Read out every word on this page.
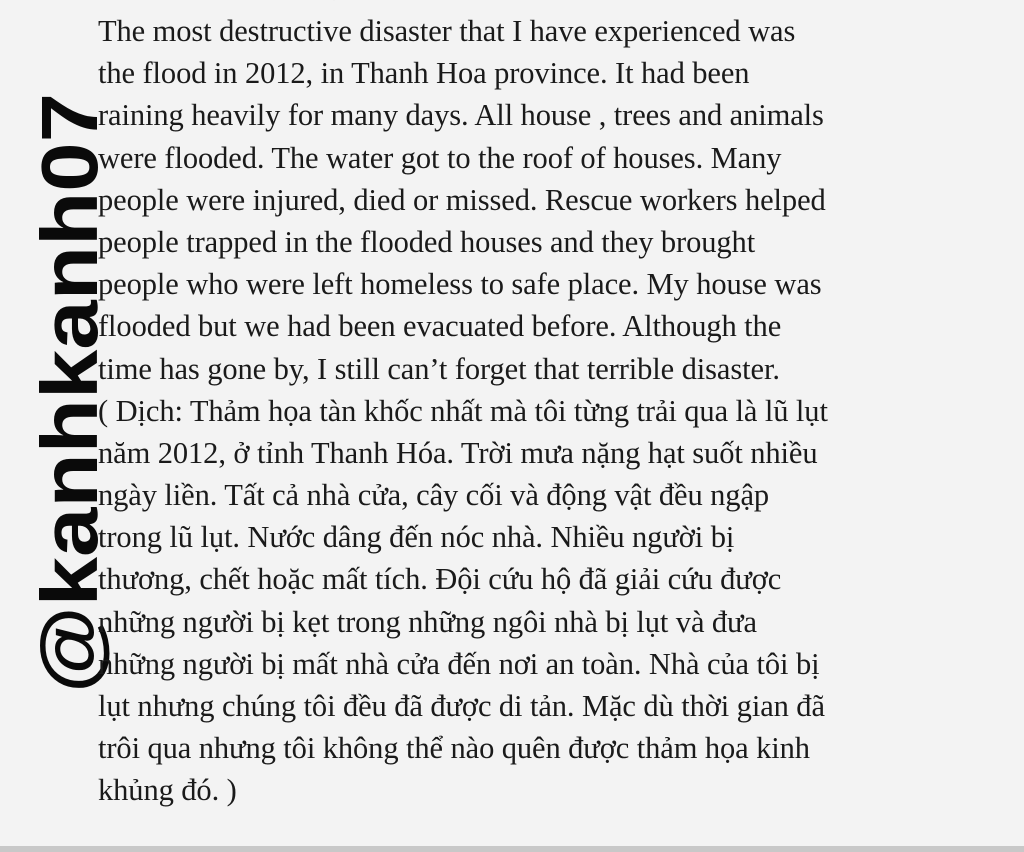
@kanhkanh07
The most destructive disaster that I have experienced was
the flood in 2012, in Thanh Hoa province. It had been
raining heavily for many days. All house , trees and animals
were flooded. The water got to the roof of houses. Many
people were injured, died or missed. Rescue workers helped
people trapped in the flooded houses and they brought
people who were left homeless to safe place. My house was
flooded but we had been evacuated before. Although the
time has gone by, I still can’t forget that terrible disaster.
( Dịch: Thảm họa tàn khốc nhất mà tôi từng trải qua là lũ lụt
năm 2012, ở tỉnh Thanh Hóa. Trời mưa nặng hạt suốt nhiều
ngày liền. Tất cả nhà cửa, cây cối và động vật đều ngập
trong lũ lụt. Nước dâng đến nóc nhà. Nhiều người bị
thương, chết hoặc mất tích. Đội cứu hộ đã giải cứu được
những người bị kẹt trong những ngôi nhà bị lụt và đưa
những người bị mất nhà cửa đến nơi an toàn. Nhà của tôi bị
lụt nhưng chúng tôi đều đã được di tản. Mặc dù thời gian đã
trôi qua nhưng tôi không thể nào quên được thảm họa kinh
khủng đó. )
